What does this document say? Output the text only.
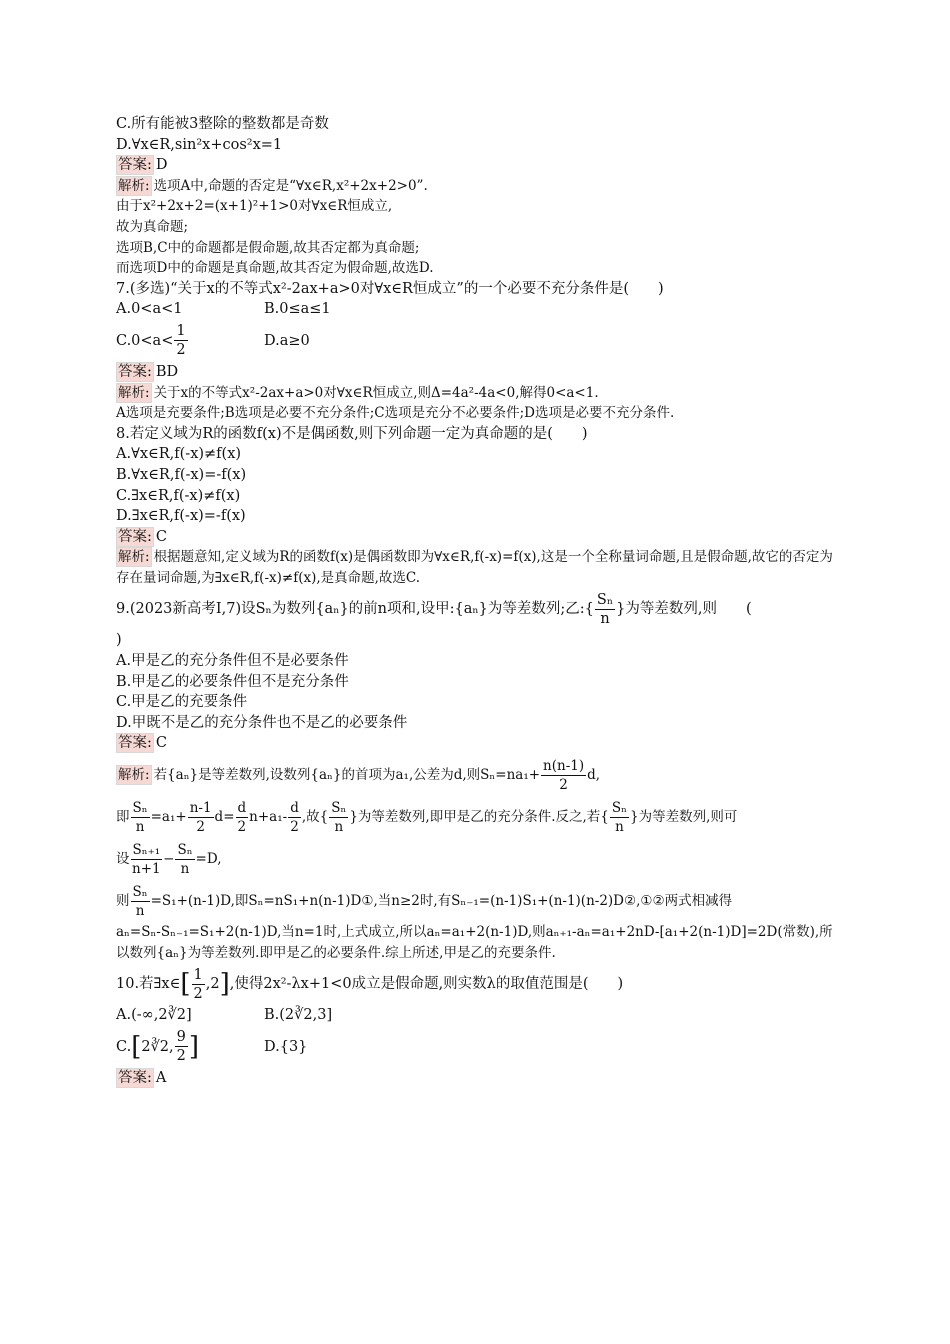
C.所有能被3整除的整数都是奇数
D.∀x∈R,sin²x+cos²x=1
答案: D
解析: 选项A中,命题的否定是“∀x∈R,x²+2x+2>0”.
由于x²+2x+2=(x+1)²+1>0对∀x∈R恒成立,
故为真命题;
选项B,C中的命题都是假命题,故其否定都为真命题;
而选项D中的命题是真命题,故其否定为假命题,故选D.
7.(多选)“关于x的不等式x²-2ax+a>0对∀x∈R恒成立”的一个必要不充分条件是(　　)
A.0<a<1	B.0≤a≤1
$C.0<a< \frac{1}{2}$	D.a≥0
答案: BD
解析: 关于x的不等式x²-2ax+a>0对∀x∈R恒成立,则Δ=4a²-4a<0,解得0<a<1.
A选项是充要条件;B选项是必要不充分条件;C选项是充分不必要条件;D选项是必要不充分条件.
8.若定义域为R的函数f(x)不是偶函数,则下列命题一定为真命题的是(　　)
A.∀x∈R,f(-x)≠f(x)
B.∀x∈R,f(-x)=-f(x)
C.∃x∈R,f(-x)≠f(x)
D.∃x∈R,f(-x)=-f(x)
答案: C
解析: 根据题意知,定义域为R的函数f(x)是偶函数即为∀x∈R,f(-x)=f(x),这是一个全称量词命题,且是假命题,故它的否定为存在量词命题,为∃x∈R,f(-x)≠f(x),是真命题,故选C.
9.(2023新高考Ⅰ,7)设Sₙ为数列{aₙ}的前n项和,设甲:{aₙ}为等差数列;乙:{ $\frac{\text{Sₙ}}{n}$ }为等差数列,则　　(
)
A.甲是乙的充分条件但不是必要条件
B.甲是乙的必要条件但不是充分条件
C.甲是乙的充要条件
D.甲既不是乙的充分条件也不是乙的必要条件
答案: C
解析: 若{aₙ}是等差数列,设数列{aₙ}的首项为a₁,公差为d,则$S_n=na_1+ \frac{n(n-1)}{2} d$,
即 $\frac{\text{Sₙ}}{n} =a_1+ \frac{n-1}{2} d= \frac{d}{2} n+a_1- \frac{d}{2}$ ,故{ $\frac{\text{Sₙ}}{n}$ }为等差数列,即甲是乙的充分条件.反之,若{ $\frac{\text{Sₙ}}{n}$ }为等差数列,则可
设 $\frac{\text{Sₙ₊₁}}{n+1} - \frac{\text{Sₙ}}{n} =D$,
则 $\frac{\text{Sₙ}}{n} =S_1+(n-1)D$,即Sₙ=nS₁+n(n-1)D①,当n≥2时,有Sₙ₋₁=(n-1)S₁+(n-1)(n-2)D②,①②两式相减得
aₙ=Sₙ-Sₙ₋₁=S₁+2(n-1)D,当n=1时,上式成立,所以aₙ=a₁+2(n-1)D,则aₙ₊₁-aₙ=a₁+2nD-[a₁+2(n-1)D]=2D(常数),所以数列{aₙ}为等差数列.即甲是乙的必要条件.综上所述,甲是乙的充要条件.
10.若∃x∈[ $\frac{1}{2} ,2$],使得2x²-λx+1<0成立是假命题,则实数λ的取值范围是(　　)
A.(-∞,2∛2]	B.(2∛2,3]
C.[2∛2, $\frac{9}{2}$ ]	D.{3}
答案: A
